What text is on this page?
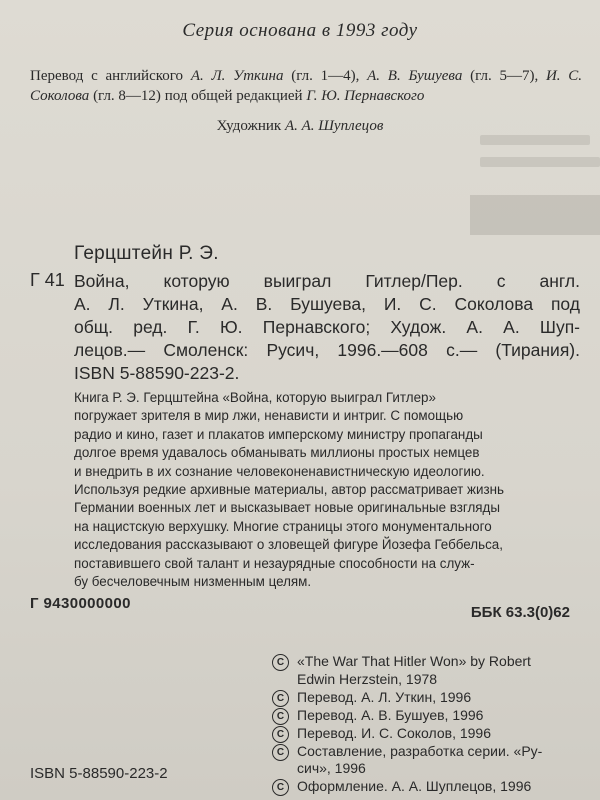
Серия основана в 1993 году
Перевод с английского А. Л. Уткина (гл. 1—4), А. В. Бушуева (гл. 5—7), И. С. Соколова (гл. 8—12) под общей редакцией Г. Ю. Пернавского
Художник А. А. Шуплецов
Герцштейн Р. Э.
Г 41 Война, которую выиграл Гитлер/Пер. с англ.
А. Л. Уткина, А. В. Бушуева, И. С. Соколова под
общ. ред. Г. Ю. Пернавского; Худож. А. А. Шуп-
лецов.— Смоленск: Русич, 1996.—608 с.— (Тирания).
ISBN 5-88590-223-2.
Книга Р. Э. Герцштейна «Война, которую выиграл Гитлер»
погружает зрителя в мир лжи, ненависти и интриг. С помощью
радио и кино, газет и плакатов имперскому министру пропаганды
долгое время удавалось обманывать миллионы простых немцев
и внедрить в их сознание человеконенавистническую идеологию.
Используя редкие архивные материалы, автор рассматривает жизнь
Германии военных лет и высказывает новые оригинальные взгляды
на нацистскую верхушку. Многие страницы этого монументального
исследования рассказывают о зловещей фигуре Йозефа Геббельса,
поставившего свой талант и незаурядные способности на служ-
бу бесчеловечным низменным целям.
Г 9430000000
ББК 63.3(0)62
C «The War That Hitler Won» by Robert
Edwin Herzstein, 1978
C Перевод. А. Л. Уткин, 1996
C Перевод. А. В. Бушуев, 1996
C Перевод. И. С. Соколов, 1996
C Составление, разработка серии. «Ру-
сич», 1996
C Оформление. А. А. Шуплецов, 1996
ISBN 5-88590-223-2
